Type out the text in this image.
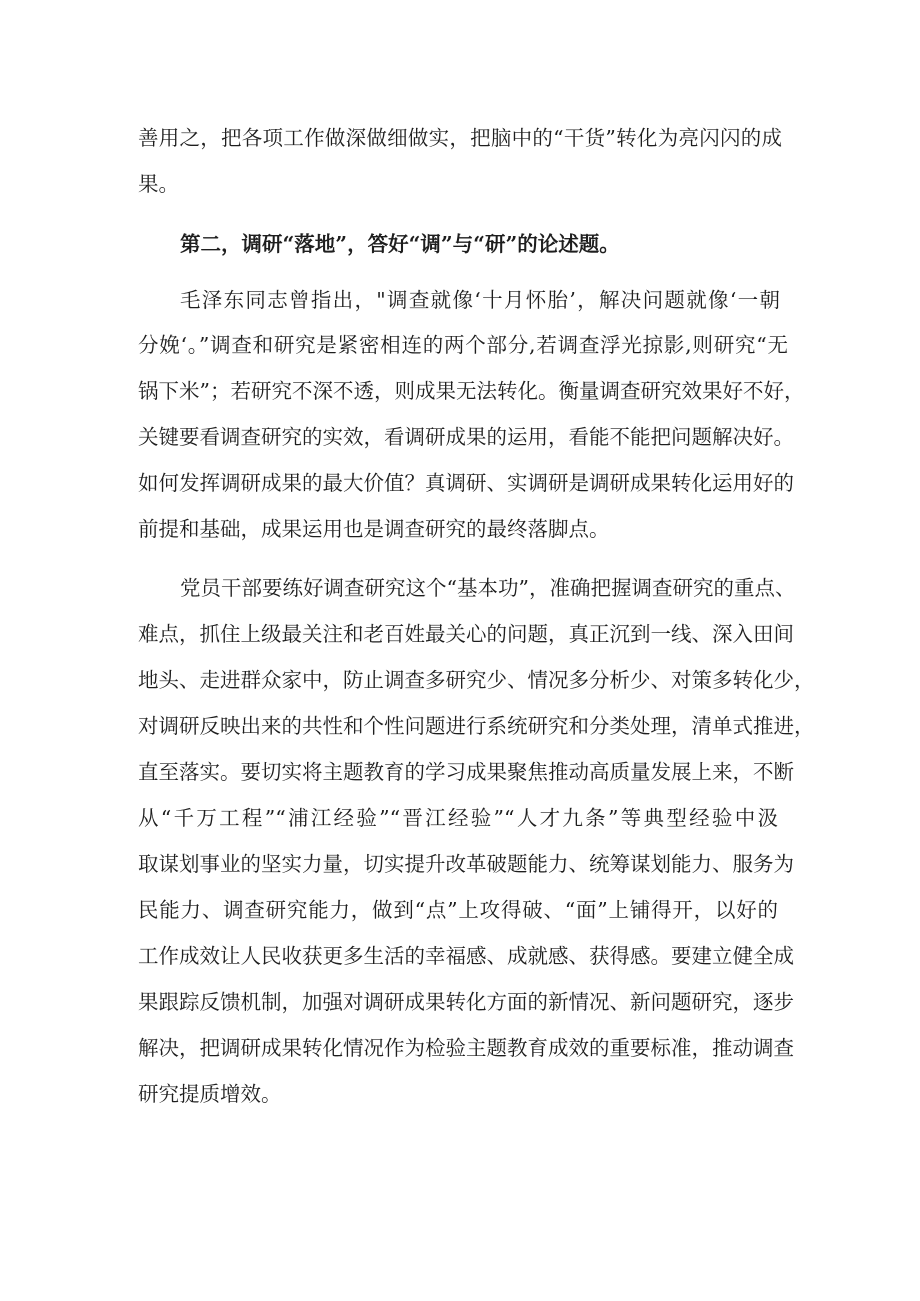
善用之，把各项工作做深做细做实，把脑中的“干货”转化为亮闪闪的成

果。

第二，调研“落地”，答好“调”与“研”的论述题。

毛泽东同志曾指出，"调查就像‘十月怀胎’，解决问题就像‘一朝

分娩‘。”调查和研究是紧密相连的两个部分,若调查浮光掠影,则研究“无

锅下米”；若研究不深不透，则成果无法转化。衡量调查研究效果好不好，

关键要看调查研究的实效，看调研成果的运用，看能不能把问题解决好。

如何发挥调研成果的最大价值？真调研、实调研是调研成果转化运用好的

前提和基础，成果运用也是调查研究的最终落脚点。

党员干部要练好调查研究这个“基本功”，准确把握调查研究的重点、

难点，抓住上级最关注和老百姓最关心的问题，真正沉到一线、深入田间

地头、走进群众家中，防止调查多研究少、情况多分析少、对策多转化少，

对调研反映出来的共性和个性问题进行系统研究和分类处理，清单式推进，

直至落实。要切实将主题教育的学习成果聚焦推动高质量发展上来，不断

从“千万工程”“浦江经验”“晋江经验”“人才九条”等典型经验中汲

取谋划事业的坚实力量，切实提升改革破题能力、统筹谋划能力、服务为

民能力、调查研究能力，做到“点”上攻得破、“面”上铺得开，以好的

工作成效让人民收获更多生活的幸福感、成就感、获得感。要建立健全成

果跟踪反馈机制，加强对调研成果转化方面的新情况、新问题研究，逐步

解决，把调研成果转化情况作为检验主题教育成效的重要标准，推动调查

研究提质增效。
